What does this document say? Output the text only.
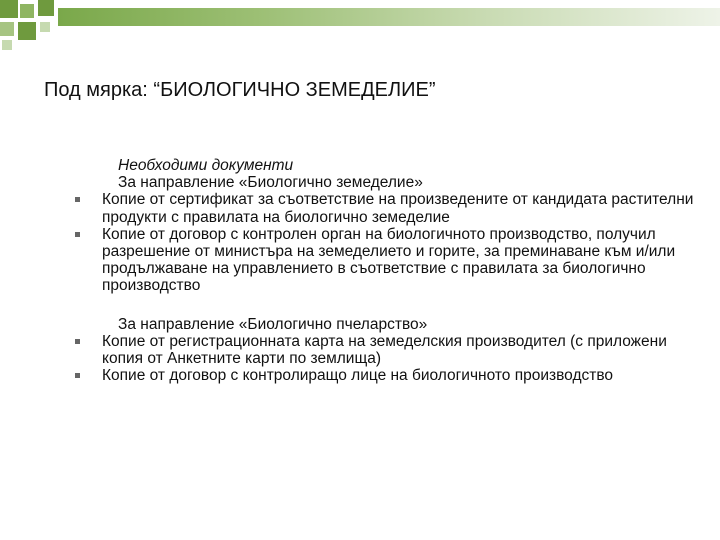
Под мярка: “БИОЛОГИЧНО ЗЕМЕДЕЛИЕ”
Необходими документи
За направление «Биологично земеделие»
Копие от сертификат за съответствие на произведените от кандидата растителни продукти с правилата на биологично земеделие
Копие от договор с контролен орган на биологичното производство, получил разрешение от министъра на земеделието и горите, за преминаване към и/или продължаване на управлението в съответствие с правилата за биологично производство
За направление «Биологично пчеларство»
Копие от регистрационната карта на земеделския производител (с приложени копия от Анкетните карти по землища)
Копие от договор с контролиращо лице на биологичното производство
